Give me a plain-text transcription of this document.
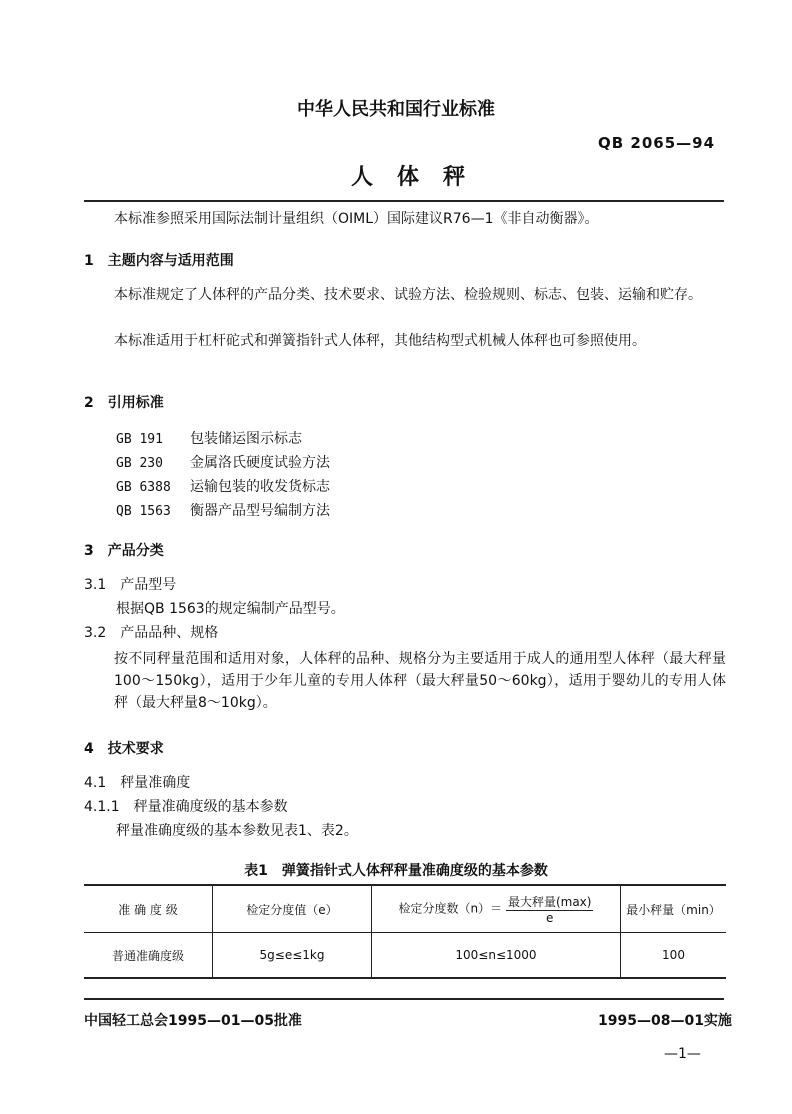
中华人民共和国行业标准
QB 2065—94
人体秤
本标准参照采用国际法制计量组织（OIML）国际建议R76—1《非自动衡器》。
1　主题内容与适用范围
本标准规定了人体秤的产品分类、技术要求、试验方法、检验规则、标志、包装、运输和贮存。
本标准适用于杠杆砣式和弹簧指针式人体秤，其他结构型式机械人体秤也可参照使用。
2　引用标准
GB 191 包装储运图示标志
GB 230 金属洛氏硬度试验方法
GB 6388 运输包装的收发货标志
QB 1563 衡器产品型号编制方法
3　产品分类
3.1　产品型号
根据QB 1563的规定编制产品型号。
3.2　产品品种、规格
按不同秤量范围和适用对象，人体秤的品种、规格分为主要适用于成人的通用型人体秤（最大秤量100～150kg），适用于少年儿童的专用人体秤（最大秤量50～60kg），适用于婴幼儿的专用人体秤（最大秤量8～10kg）。
4　技术要求
4.1　秤量准确度
4.1.1　秤量准确度级的基本参数
秤量准确度级的基本参数见表1、表2。
表1　弹簧指针式人体秤秤量准确度级的基本参数
准 确 度 级	检定分度值（e）	检定分度数$(n)= \frac{\text{最大秤量(max)}}{e}$	最小秤量（min）
普通准确度级	5g≤e≤1kg	100≤n≤1000	100
中国轻工总会1995—01—05批准	1995—08—01实施
—1—
